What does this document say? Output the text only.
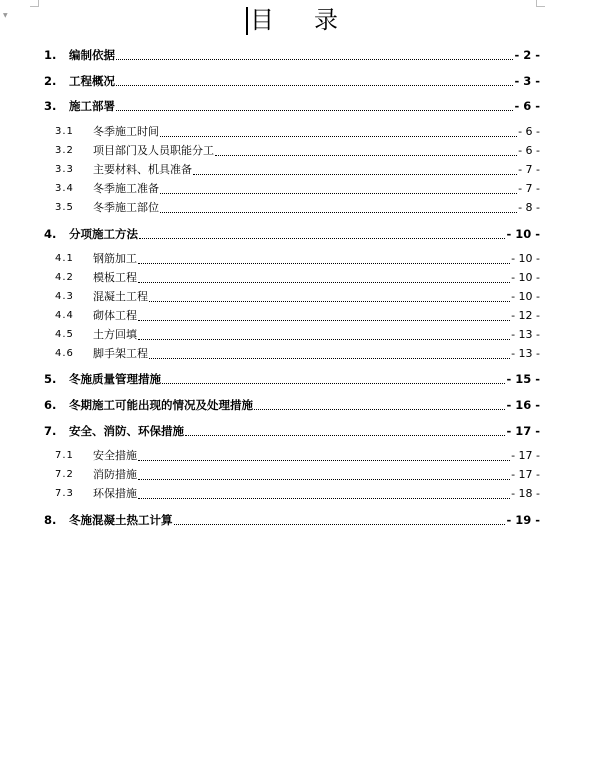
▼	目 录
1. 编制依据	- 2 -
2. 工程概况	- 3 -
3. 施工部署	- 6 -
3.1 冬季施工时间	- 6 -
3.2 项目部门及人员职能分工	- 6 -
3.3 主要材料、机具准备	- 7 -
3.4 冬季施工准备	- 7 -
3.5 冬季施工部位	- 8 -
4. 分项施工方法	- 10 -
4.1 钢筋加工	- 10 -
4.2 模板工程	- 10 -
4.3 混凝土工程	- 10 -
4.4 砌体工程	- 12 -
4.5 土方回填	- 13 -
4.6 脚手架工程	- 13 -
5. 冬施质量管理措施	- 15 -
6. 冬期施工可能出现的情况及处理措施	- 16 -
7. 安全、消防、环保措施	- 17 -
7.1 安全措施	- 17 -
7.2 消防措施	- 17 -
7.3 环保措施	- 18 -
8. 冬施混凝土热工计算	- 19 -
